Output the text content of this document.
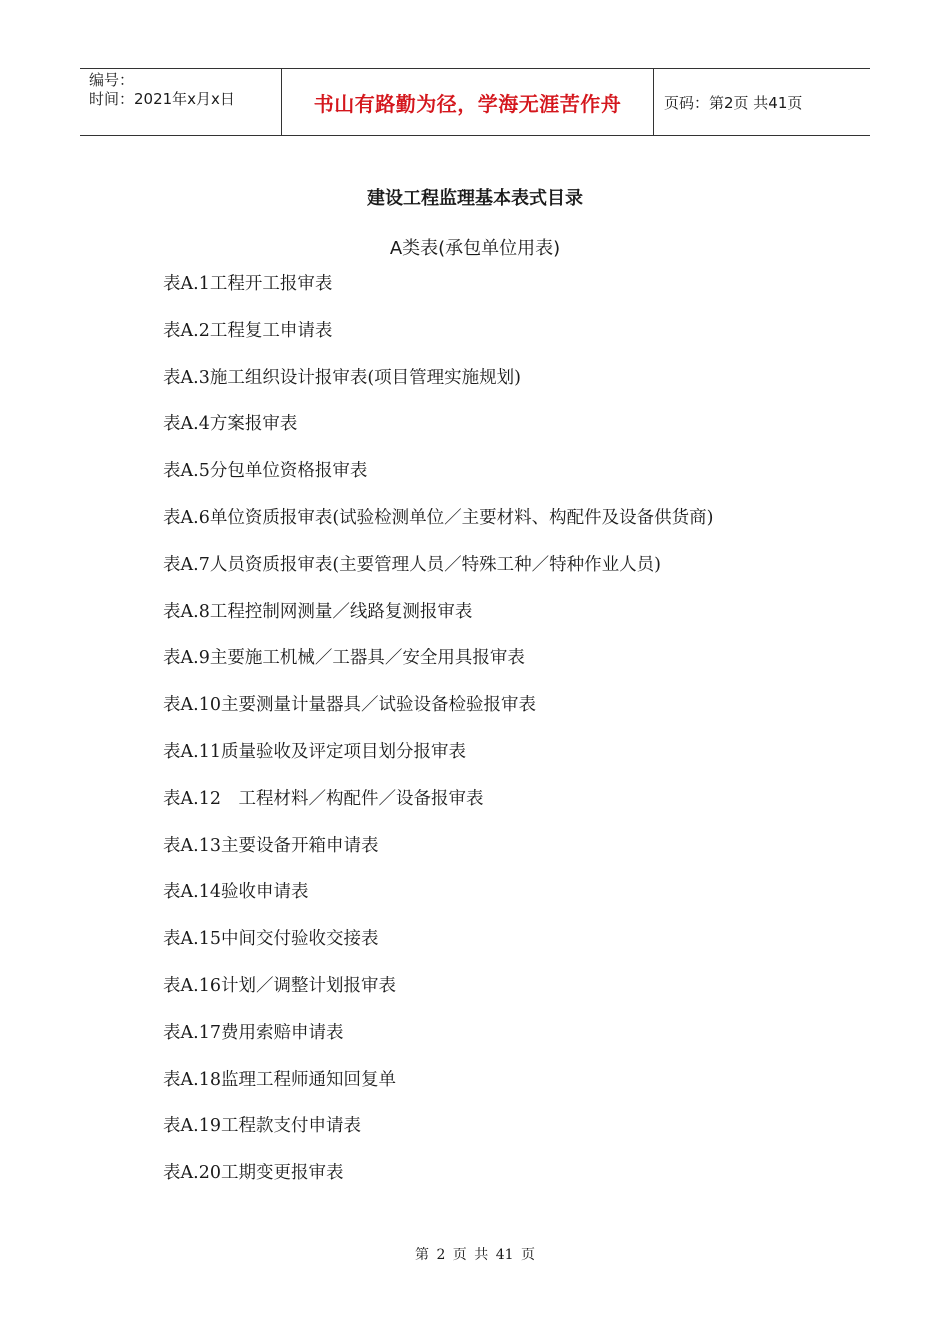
编号：
时间：2021年x月x日	书山有路勤为径，学海无涯苦作舟	页码：第2页 共41页
建设工程监理基本表式目录
A类表(承包单位用表)
表A.1工程开工报审表
表A.2工程复工申请表
表A.3施工组织设计报审表(项目管理实施规划)
表A.4方案报审表
表A.5分包单位资格报审表
表A.6单位资质报审表(试验检测单位／主要材料、构配件及设备供货商)
表A.7人员资质报审表(主要管理人员／特殊工种／特种作业人员)
表A.8工程控制网测量／线路复测报审表
表A.9主要施工机械／工器具／安全用具报审表
表A.10主要测量计量器具／试验设备检验报审表
表A.11质量验收及评定项目划分报审表
表A.12　工程材料／构配件／设备报审表
表A.13主要设备开箱申请表
表A.14验收申请表
表A.15中间交付验收交接表
表A.16计划／调整计划报审表
表A.17费用索赔申请表
表A.18监理工程师通知回复单
表A.19工程款支付申请表
表A.20工期变更报审表
第 2 页 共 41 页
